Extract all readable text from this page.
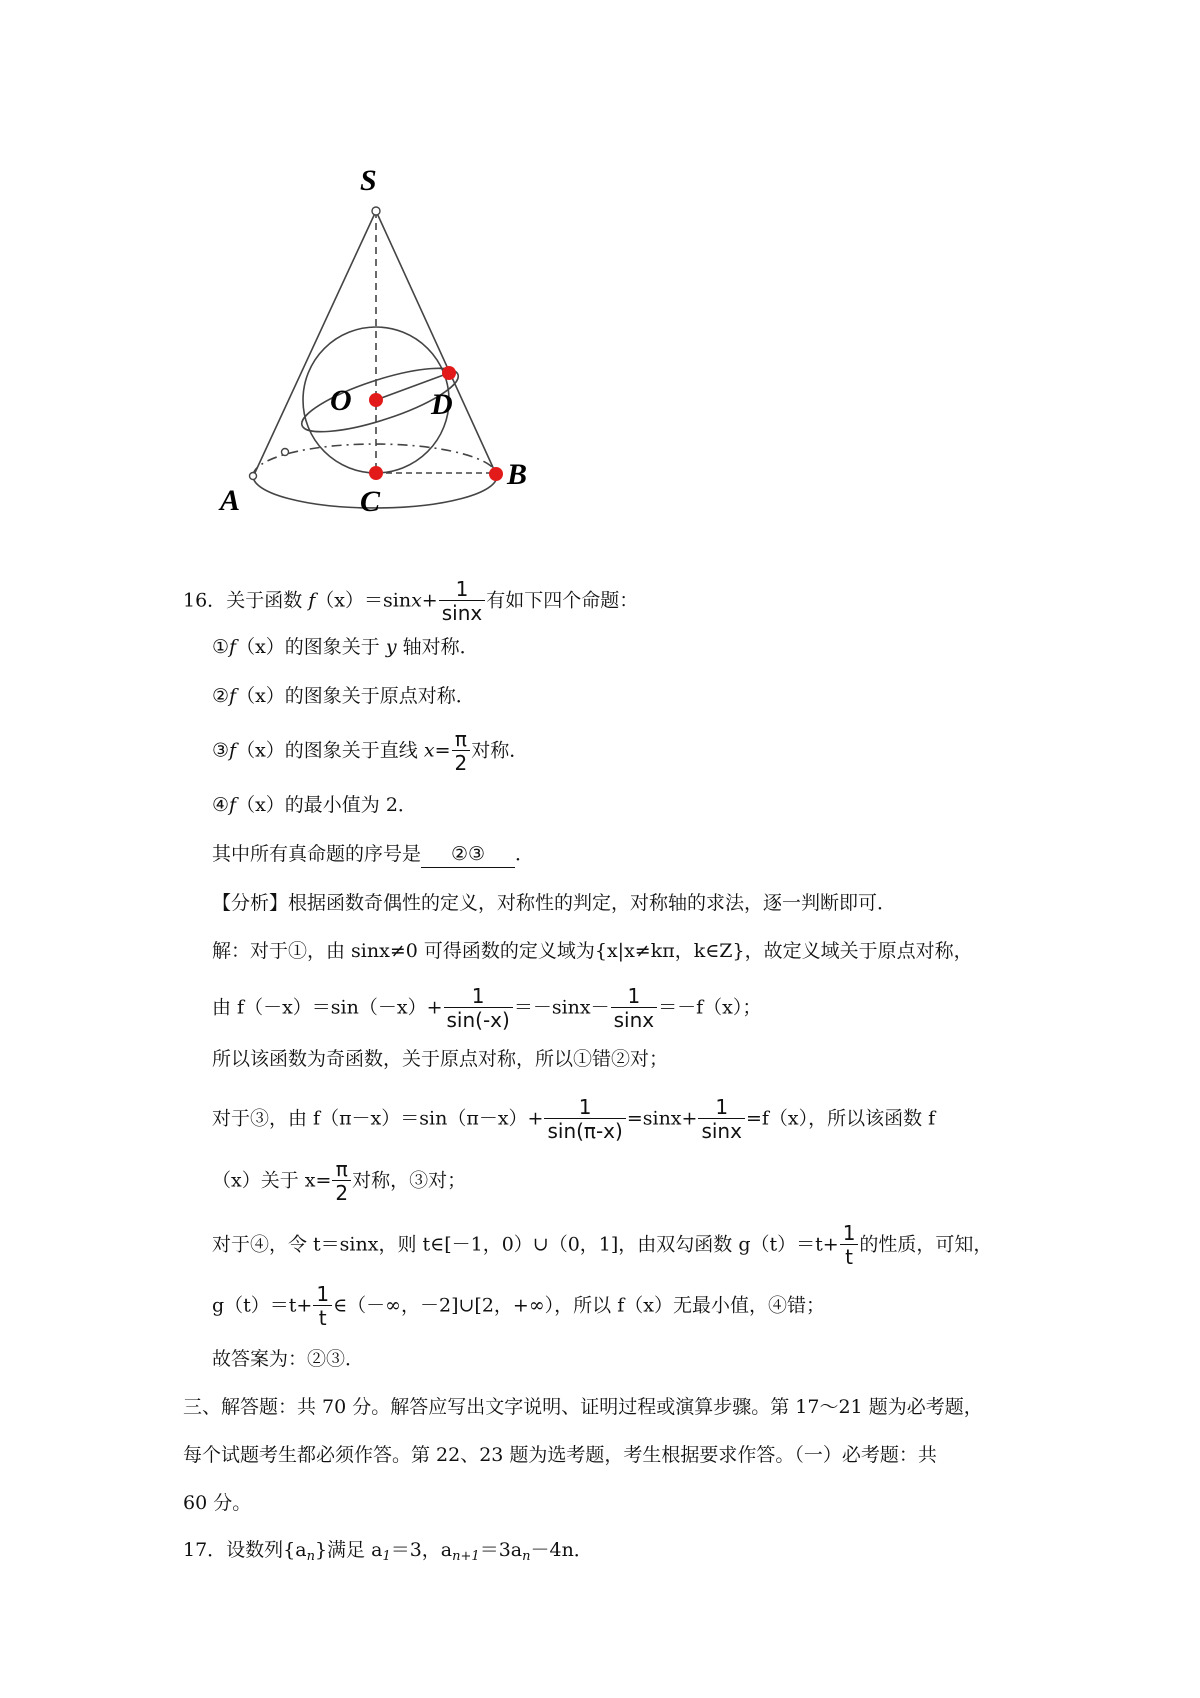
S
O	D
A
B
C
16．关于函数 $f(x)=\sin x+ \frac{1}{\sin x}$ 有如下四个命题：
①f（x）的图象关于 y 轴对称．
②f（x）的图象关于原点对称．
③f（x）的图象关于直线 $x= \frac{\pi}{2}$ 对称．
④f（x）的最小值为 2．
其中所有真命题的序号是 ②③ ．
【分析】根据函数奇偶性的定义，对称性的判定，对称轴的求法，逐一判断即可．
解：对于①，由 sinx≠0 可得函数的定义域为{x|x≠kπ，k∈Z}，故定义域关于原点对称，
由 $f(-x)=\sin(-x)+ \frac{1}{\sin(-x)} =-\sin x- \frac{1}{\sin x} =-f(x)$；
所以该函数为奇函数，关于原点对称，所以①错②对；
对于③，由 $f(\pi-x)=\sin(\pi-x)+ \frac{1}{\sin(\pi-x)} =\sin x+ \frac{1}{\sin x} =f(x)$，所以该函数 f
（x）关于 $x= \frac{\pi}{2}$ 对称，③对；
对于④，令 t＝sinx，则 t∈[－1，0）∪（0，1]，由双勾函数 $g(t)=t+ \frac{1}{t}$ 的性质，可知，
$g(t)=t+ \frac{1}{t}$ ∈（－∞，－2]∪[2，+∞），所以 f（x）无最小值，④错；
故答案为：②③．
三、解答题：共 70 分。解答应写出文字说明、证明过程或演算步骤。第 17～21 题为必考题，
每个试题考生都必须作答。第 22、23 题为选考题，考生根据要求作答。（一）必考题：共
60 分。
17．设数列$\{a_n\}$满足 $a_1=3$，$a_{n+1}=3a_n-4n$．
